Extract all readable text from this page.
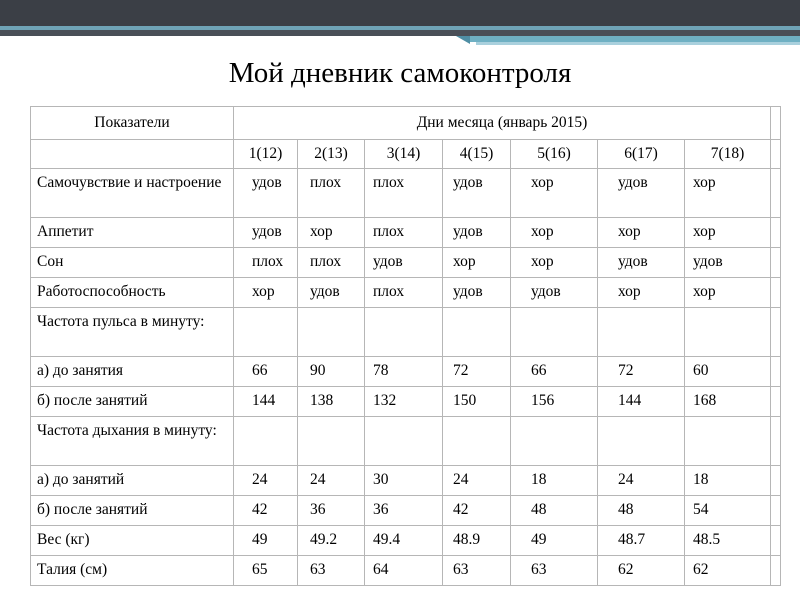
Мой дневник самоконтроля
Показатели	Дни месяца (январь 2015)							
	1(12)	2(13)	3(14)	4(15)	5(16)	6(17)	7(18)	

Самочувствие и настроение	удов	плох	плох	удов	хор	удов	хор	

Аппетит	удов	хор	плох	удов	хор	хор	хор	

Сон	плох	плох	удов	хор	хор	удов	удов	

Работоспособность	хор	удов	плох	удов	удов	хор	хор	

Частота пульса в минуту:								

а) до занятия	66	90	78	72	66	72	60	

б) после занятий	144	138	132	150	156	144	168	

Частота дыхания в минуту:								

а) до занятий	24	24	30	24	18	24	18	

б) после занятий	42	36	36	42	48	48	54	

Вес (кг)	49	49.2	49.4	48.9	49	48.7	48.5	

Талия (см)	65	63	64	63	63	62	62	
